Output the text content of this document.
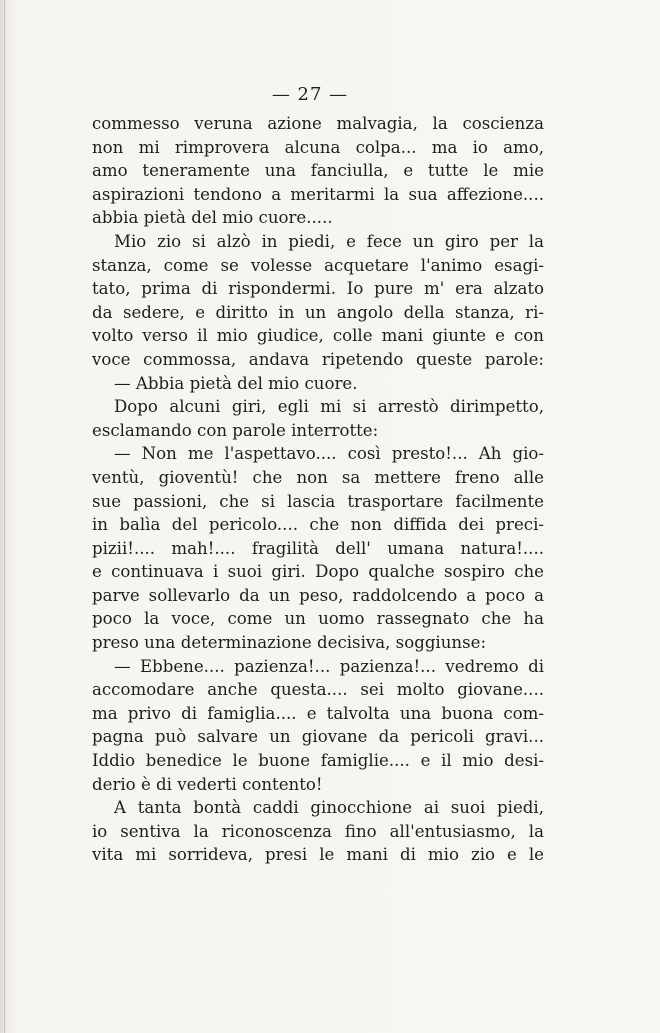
— 27 —
commesso veruna azione malvagia, la coscienza
non mi rimprovera alcuna colpa... ma io amo,
amo teneramente una fanciulla, e tutte le mie
aspirazioni tendono a meritarmi la sua affezione....
abbia pietà del mio cuore.....
Mio zio si alzò in piedi, e fece un giro per la
stanza, come se volesse acquetare l'animo esagi-
tato, prima di rispondermi. Io pure m' era alzato
da sedere, e diritto in un angolo della stanza, ri-
volto verso il mio giudice, colle mani giunte e con
voce commossa, andava ripetendo queste parole:
— Abbia pietà del mio cuore.
Dopo alcuni giri, egli mi si arrestò dirimpetto,
esclamando con parole interrotte:
— Non me l'aspettavo.... così presto!... Ah gio-
ventù, gioventù! che non sa mettere freno alle
sue passioni, che si lascia trasportare facilmente
in balìa del pericolo.... che non diffida dei preci-
pizii!.... mah!.... fragilità dell' umana natura!....
e continuava i suoi giri. Dopo qualche sospiro che
parve sollevarlo da un peso, raddolcendo a poco a
poco la voce, come un uomo rassegnato che ha
preso una determinazione decisiva, soggiunse:
— Ebbene.... pazienza!... pazienza!... vedremo di
accomodare anche questa.... sei molto giovane....
ma privo di famiglia.... e talvolta una buona com-
pagna può salvare un giovane da pericoli gravi...
Iddio benedice le buone famiglie.... e il mio desi-
derio è di vederti contento!
A tanta bontà caddi ginocchione ai suoi piedi,
io sentiva la riconoscenza fino all'entusiasmo, la
vita mi sorrideva, presi le mani di mio zio e le
